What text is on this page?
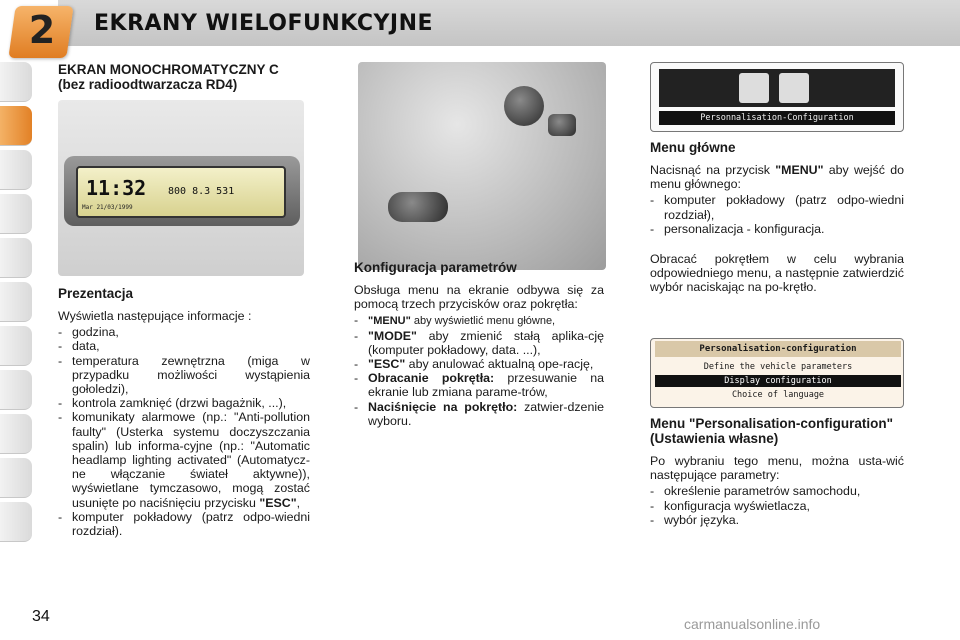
2	EKRANY WIELOFUNKCYJNE
EKRAN MONOCHROMATYCZNY C
(bez radioodtwarzacza RD4)
11:32
Mar 21/03/1999
800 8.3 531
Prezentacja
Wyświetla następujące informacje :
- godzina,
- data,
- temperatura zewnętrzna (miga w przypadku możliwości wystąpienia gołoledzi),
- kontrola zamknięć (drzwi bagażnik, ...),
- komunikaty alarmowe (np.: "Anti-pollution faulty" (Usterka systemu doczyszczania spalin) lub informa-cyjne (np.: "Automatic headlamp lighting activated" (Automatycz-ne włączanie świateł aktywne)), wyświetlane tymczasowo, mogą zostać usunięte po naciśnięciu przycisku "ESC",
- komputer pokładowy (patrz odpo-wiedni rozdział).
Konfiguracja parametrów
Obsługa menu na ekranie odbywa się za pomocą trzech przycisków oraz pokrętła:
- "MENU" aby wyświetlić menu główne,
- "MODE" aby zmienić stałą aplika-cję (komputer pokładowy, data. ...),
- "ESC" aby anulować aktualną ope-rację,
- Obracanie pokrętła: przesuwanie na ekranie lub zmiana parame-trów,
- Naciśnięcie na pokrętło: zatwier-dzenie wyboru.
Personnalisation-Configuration
Menu główne
Nacisnąć na przycisk "MENU" aby wejść do menu głównego:
- komputer pokładowy (patrz odpo-wiedni rozdział),
- personalizacja - konfiguracja.
Obracać pokrętłem w celu wybrania odpowiedniego menu, a następnie zatwierdzić wybór naciskając na po-krętło.
Personalisation-configuration
Define the vehicle parameters
Display configuration
Choice of language
Menu "Personalisation-configuration" (Ustawienia własne)
Po wybraniu tego menu, można usta-wić następujące parametry:
- określenie parametrów samochodu,
- konfiguracja wyświetlacza,
- wybór języka.
34	carmanualsonline.info
